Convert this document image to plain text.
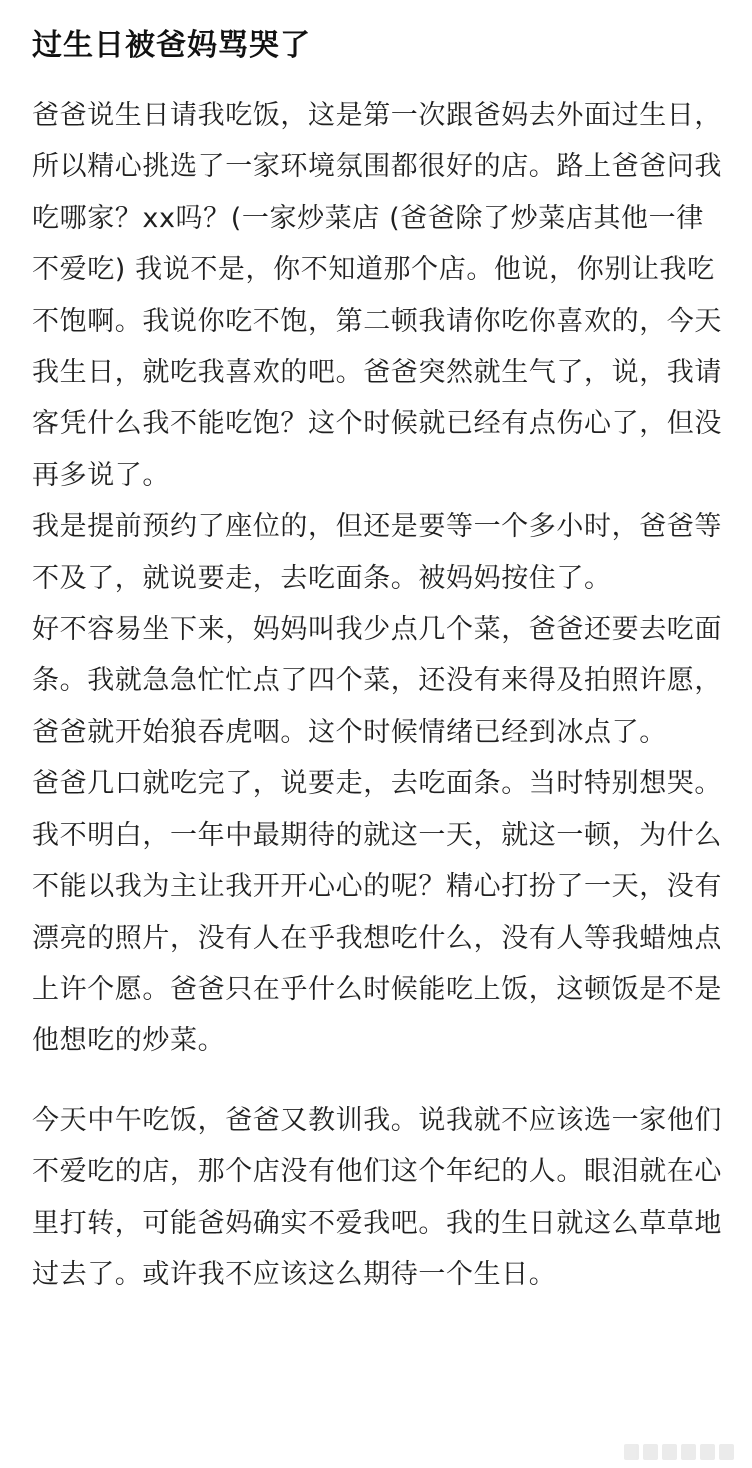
过生日被爸妈骂哭了

爸爸说生日请我吃饭，这是第一次跟爸妈去外面过生日，所以精心挑选了一家环境氛围都很好的店。路上爸爸问我吃哪家？xx吗？(一家炒菜店 (爸爸除了炒菜店其他一律不爱吃) 我说不是，你不知道那个店。他说，你别让我吃不饱啊。我说你吃不饱，第二顿我请你吃你喜欢的，今天我生日，就吃我喜欢的吧。爸爸突然就生气了，说，我请客凭什么我不能吃饱？这个时候就已经有点伤心了，但没再多说了。

我是提前预约了座位的，但还是要等一个多小时，爸爸等不及了，就说要走，去吃面条。被妈妈按住了。

好不容易坐下来，妈妈叫我少点几个菜，爸爸还要去吃面条。我就急急忙忙点了四个菜，还没有来得及拍照许愿，爸爸就开始狼吞虎咽。这个时候情绪已经到冰点了。

爸爸几口就吃完了，说要走，去吃面条。当时特别想哭。我不明白，一年中最期待的就这一天，就这一顿，为什么不能以我为主让我开开心心的呢？精心打扮了一天，没有漂亮的照片，没有人在乎我想吃什么，没有人等我蜡烛点上许个愿。爸爸只在乎什么时候能吃上饭，这顿饭是不是他想吃的炒菜。

今天中午吃饭，爸爸又教训我。说我就不应该选一家他们不爱吃的店，那个店没有他们这个年纪的人。眼泪就在心里打转，可能爸妈确实不爱我吧。我的生日就这么草草地过去了。或许我不应该这么期待一个生日。
